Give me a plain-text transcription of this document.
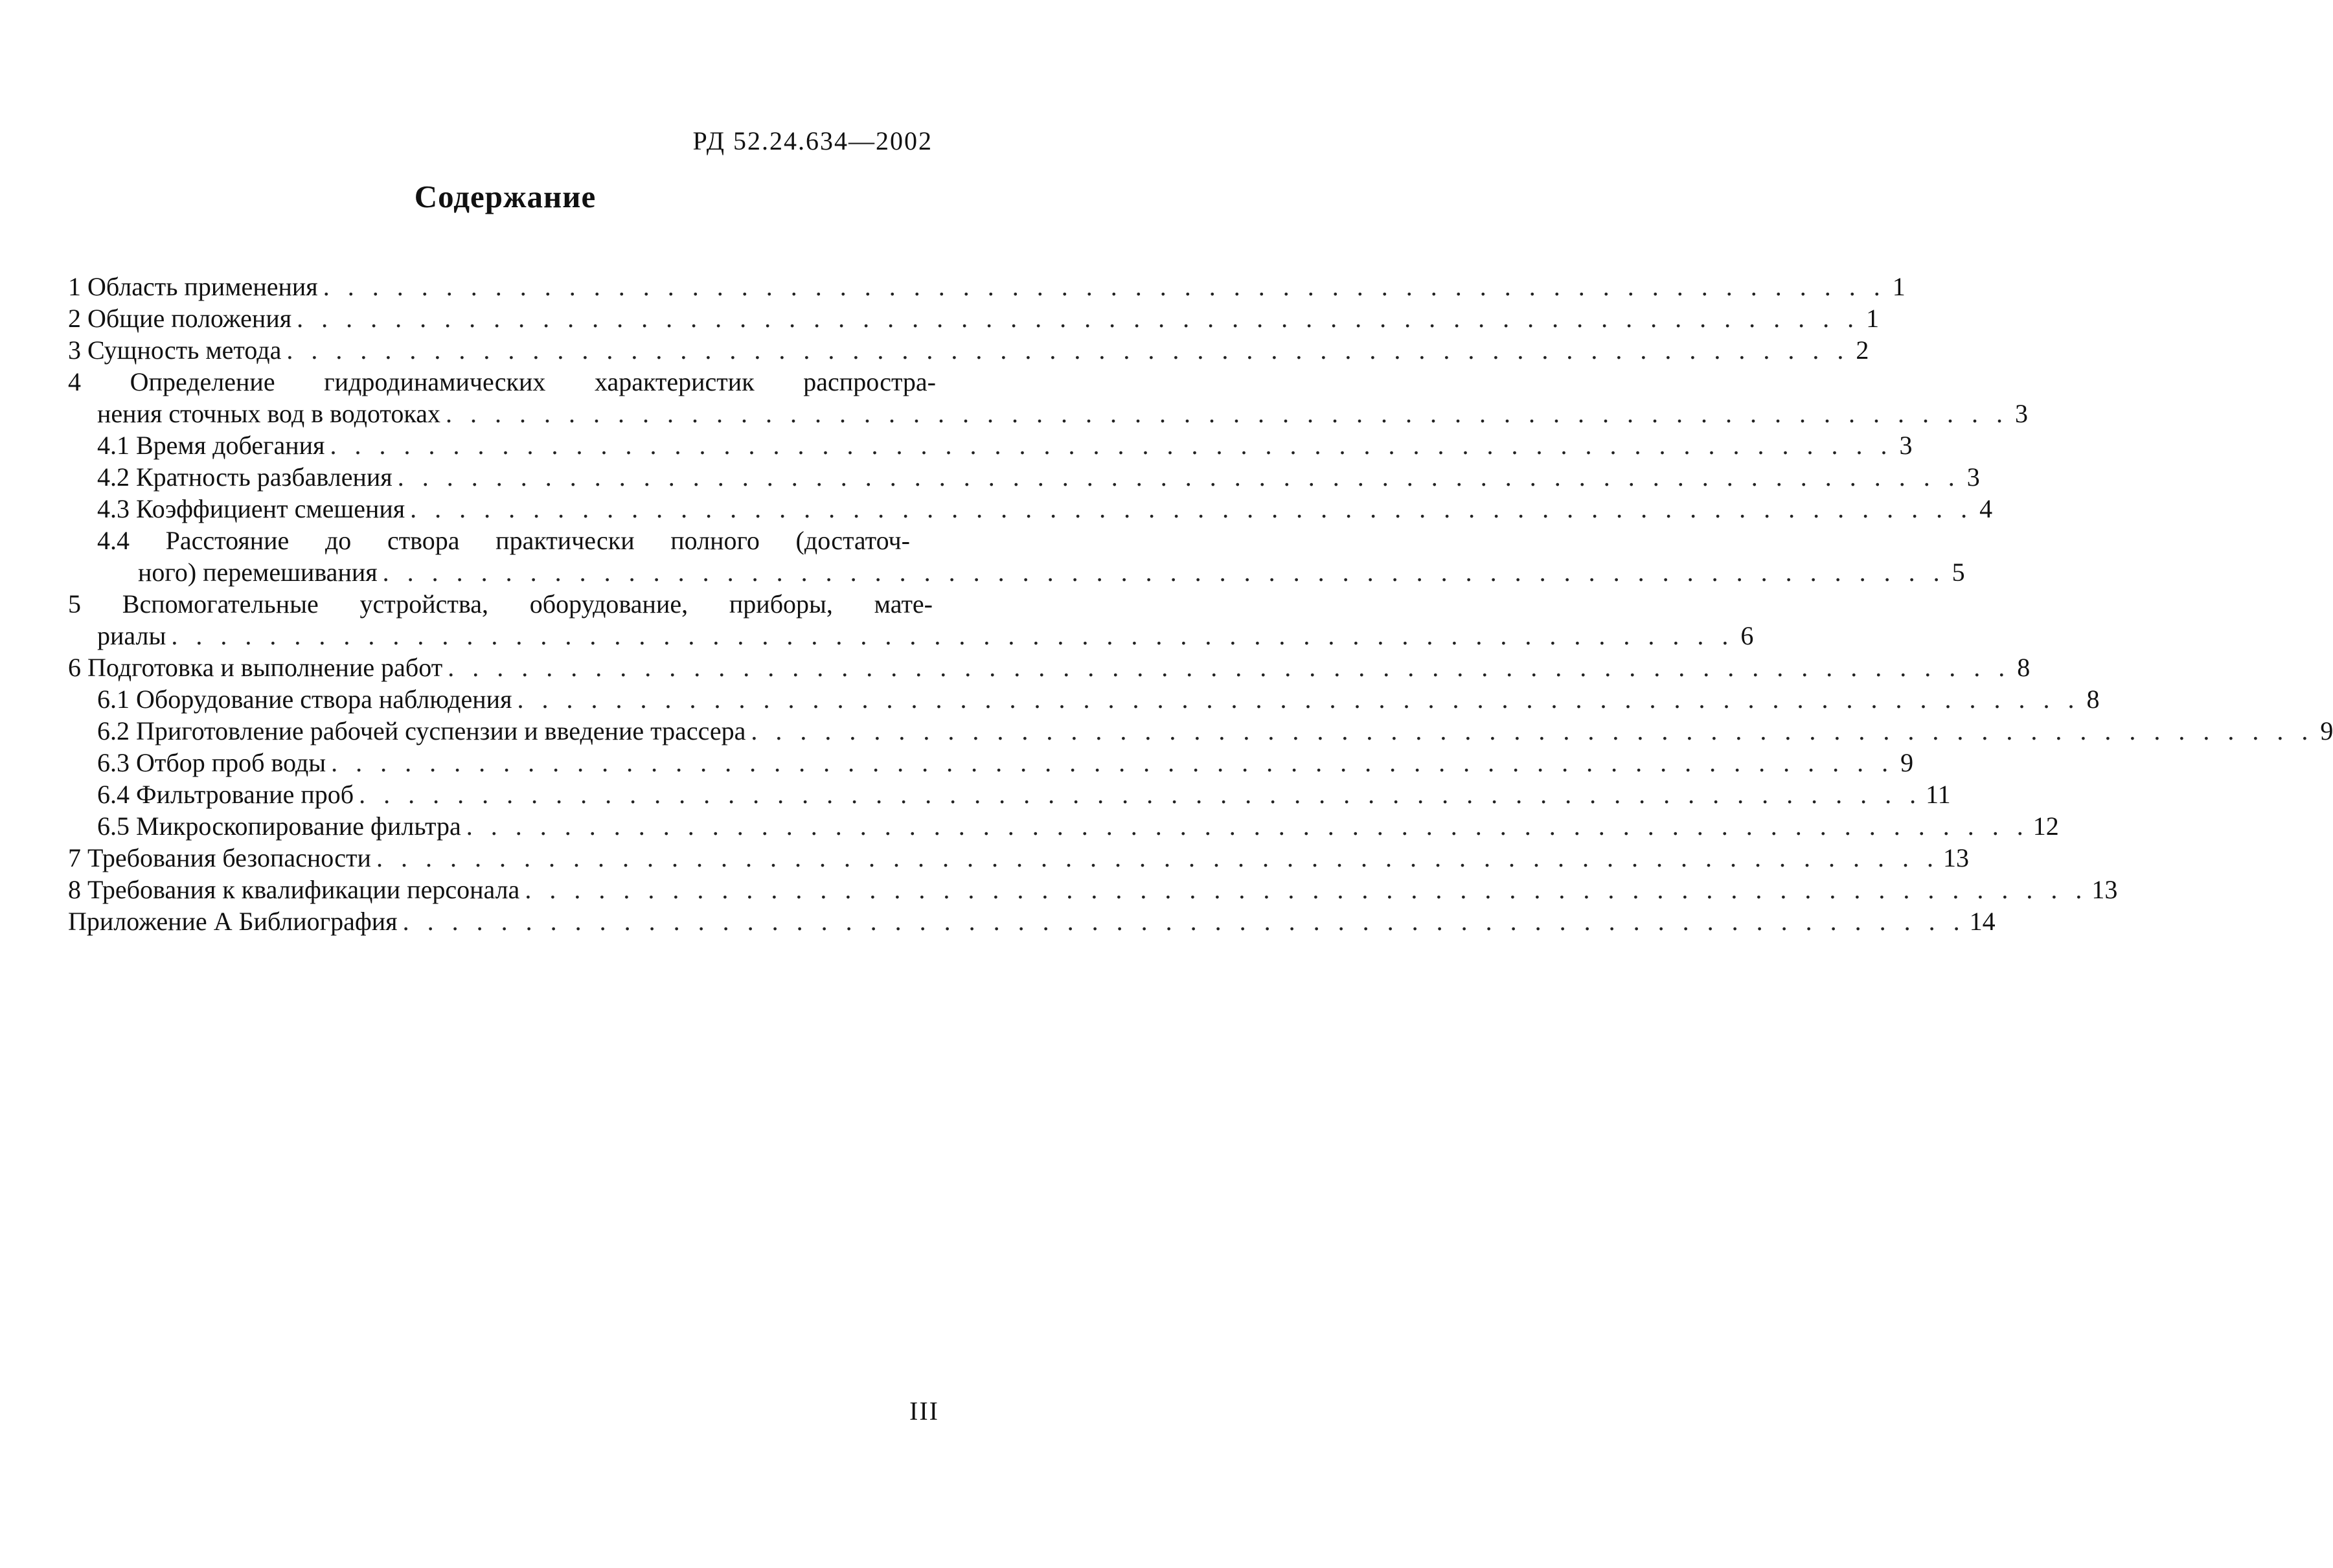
РД 52.24.634—2002
Содержание
1 Область применения . . . . . . . . . . . . . . . . . . . . . . . . . . . . . . . . . . . . . . . . . . . . . . . . . . . . . . . . . . . . . . . . 1
2 Общие положения . . . . . . . . . . . . . . . . . . . . . . . . . . . . . . . . . . . . . . . . . . . . . . . . . . . . . . . . . . . . . . . . 1
3 Сущность метода . . . . . . . . . . . . . . . . . . . . . . . . . . . . . . . . . . . . . . . . . . . . . . . . . . . . . . . . . . . . . . . . 2
4 Определение гидродинамических характеристик распростра-
нения сточных вод в водотоках . . . . . . . . . . . . . . . . . . . . . . . . . . . . . . . . . . . . . . . . . . . . . . . . . . . . . . . . . . . . . . . . 3
4.1 Время добегания . . . . . . . . . . . . . . . . . . . . . . . . . . . . . . . . . . . . . . . . . . . . . . . . . . . . . . . . . . . . . . . . 3
4.2 Кратность разбавления . . . . . . . . . . . . . . . . . . . . . . . . . . . . . . . . . . . . . . . . . . . . . . . . . . . . . . . . . . . . . . . . 3
4.3 Коэффициент смешения . . . . . . . . . . . . . . . . . . . . . . . . . . . . . . . . . . . . . . . . . . . . . . . . . . . . . . . . . . . . . . . . 4
4.4 Расстояние до створа практически полного (достаточ-
ного) перемешивания . . . . . . . . . . . . . . . . . . . . . . . . . . . . . . . . . . . . . . . . . . . . . . . . . . . . . . . . . . . . . . . . 5
5 Вспомогательные устройства, оборудование, приборы, мате-
риалы . . . . . . . . . . . . . . . . . . . . . . . . . . . . . . . . . . . . . . . . . . . . . . . . . . . . . . . . . . . . . . . . 6
6 Подготовка и выполнение работ . . . . . . . . . . . . . . . . . . . . . . . . . . . . . . . . . . . . . . . . . . . . . . . . . . . . . . . . . . . . . . . . 8
6.1 Оборудование створа наблюдения . . . . . . . . . . . . . . . . . . . . . . . . . . . . . . . . . . . . . . . . . . . . . . . . . . . . . . . . . . . . . . . . 8
6.2 Приготовление рабочей суспензии и введение трассера . . . . . . . . . . . . . . . . . . . . . . . . . . . . . . . . . . . . . . . . . . . . . . . . . . . . . . . . . . . . . . . . 9
6.3 Отбор проб воды . . . . . . . . . . . . . . . . . . . . . . . . . . . . . . . . . . . . . . . . . . . . . . . . . . . . . . . . . . . . . . . . 9
6.4 Фильтрование проб . . . . . . . . . . . . . . . . . . . . . . . . . . . . . . . . . . . . . . . . . . . . . . . . . . . . . . . . . . . . . . . . 11
6.5 Микроскопирование фильтра . . . . . . . . . . . . . . . . . . . . . . . . . . . . . . . . . . . . . . . . . . . . . . . . . . . . . . . . . . . . . . . . 12
7 Требования безопасности . . . . . . . . . . . . . . . . . . . . . . . . . . . . . . . . . . . . . . . . . . . . . . . . . . . . . . . . . . . . . . . . 13
8 Требования к квалификации персонала . . . . . . . . . . . . . . . . . . . . . . . . . . . . . . . . . . . . . . . . . . . . . . . . . . . . . . . . . . . . . . . . 13
Приложение А Библиография . . . . . . . . . . . . . . . . . . . . . . . . . . . . . . . . . . . . . . . . . . . . . . . . . . . . . . . . . . . . . . . . 14
III
